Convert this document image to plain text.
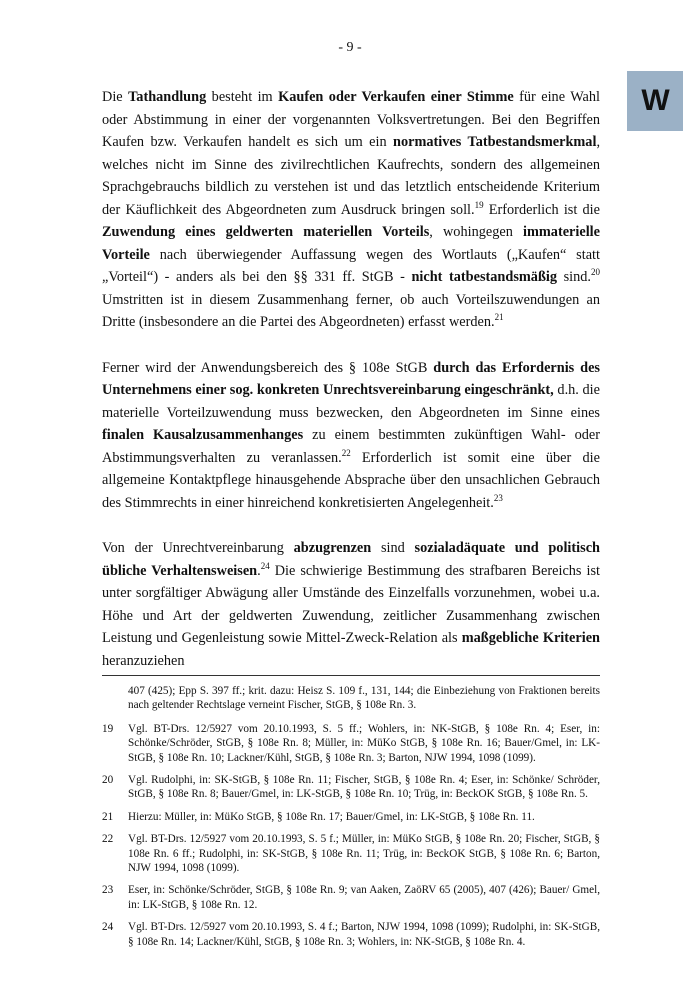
- 9 -
W

Die Tathandlung besteht im Kaufen oder Verkaufen einer Stimme für eine Wahl oder Abstimmung in einer der vorgenannten Volksvertretungen. Bei den Begriffen Kaufen bzw. Verkaufen handelt es sich um ein normatives Tatbestandsmerkmal, welches nicht im Sinne des zivilrechtlichen Kaufrechts, sondern des allgemeinen Sprachgebrauchs bildlich zu verstehen ist und das letztlich entscheidende Kriterium der Käuflichkeit des Abgeordneten zum Ausdruck bringen soll.$^{19}$ Erforderlich ist die Zuwendung eines geldwerten materiellen Vorteils, wohingegen immaterielle Vorteile nach überwiegender Auffassung wegen des Wortlauts („Kaufen“ statt „Vorteil“) - anders als bei den §§ 331 ff. StGB - nicht tatbestandsmäßig sind.$^{20}$ Umstritten ist in diesem Zusammenhang ferner, ob auch Vorteilszuwendungen an Dritte (insbesondere an die Partei des Abgeordneten) erfasst werden.$^{21}$

Ferner wird der Anwendungsbereich des § 108e StGB durch das Erfordernis des Unternehmens einer sog. konkreten Unrechtsvereinbarung eingeschränkt, d.h. die materielle Vorteilzuwendung muss bezwecken, den Abgeordneten im Sinne eines finalen Kausalzusammenhanges zu einem bestimmten zukünftigen Wahl- oder Abstimmungsverhalten zu veranlassen.$^{22}$ Erforderlich ist somit eine über die allgemeine Kontaktpflege hinausgehende Absprache über den unsachlichen Gebrauch des Stimmrechts in einer hinreichend konkretisierten Angelegenheit.$^{23}$

Von der Unrechtvereinbarung abzugrenzen sind sozialadäquate und politisch übliche Verhaltensweisen.$^{24}$ Die schwierige Bestimmung des strafbaren Bereichs ist unter sorgfältiger Abwägung aller Umstände des Einzelfalls vorzunehmen, wobei u.a. Höhe und Art der geldwerten Zuwendung, zeitlicher Zusammenhang zwischen Leistung und Gegenleistung sowie Mittel-Zweck-Relation als maßgebliche Kriterien heranzuziehen

407 (425); Epp S. 397 ff.; krit. dazu: Heisz S. 109 f., 131, 144; die Einbeziehung von Fraktionen bereits nach geltender Rechtslage verneint Fischer, StGB, § 108e Rn. 3.
19	Vgl. BT-Drs. 12/5927 vom 20.10.1993, S. 5 ff.; Wohlers, in: NK-StGB, § 108e Rn. 4; Eser, in: Schönke/Schröder, StGB, § 108e Rn. 8; Müller, in: MüKo StGB, § 108e Rn. 16; Bauer/Gmel, in: LK-StGB, § 108e Rn. 10; Lackner/Kühl, StGB, § 108e Rn. 3; Barton, NJW 1994, 1098 (1099).
20	Vgl. Rudolphi, in: SK-StGB, § 108e Rn. 11; Fischer, StGB, § 108e Rn. 4; Eser, in: Schönke/ Schröder, StGB, § 108e Rn. 8; Bauer/Gmel, in: LK-StGB, § 108e Rn. 10; Trüg, in: BeckOK StGB, § 108e Rn. 5.
21	Hierzu: Müller, in: MüKo StGB, § 108e Rn. 17; Bauer/Gmel, in: LK-StGB, § 108e Rn. 11.
22	Vgl. BT-Drs. 12/5927 vom 20.10.1993, S. 5 f.; Müller, in: MüKo StGB, § 108e Rn. 20; Fischer, StGB, § 108e Rn. 6 ff.; Rudolphi, in: SK-StGB, § 108e Rn. 11; Trüg, in: BeckOK StGB, § 108e Rn. 6; Barton, NJW 1994, 1098 (1099).
23	Eser, in: Schönke/Schröder, StGB, § 108e Rn. 9; van Aaken, ZaöRV 65 (2005), 407 (426); Bauer/ Gmel, in: LK-StGB, § 108e Rn. 12.
24	Vgl. BT-Drs. 12/5927 vom 20.10.1993, S. 4 f.; Barton, NJW 1994, 1098 (1099); Rudolphi, in: SK-StGB, § 108e Rn. 14; Lackner/Kühl, StGB, § 108e Rn. 3; Wohlers, in: NK-StGB, § 108e Rn. 4.
